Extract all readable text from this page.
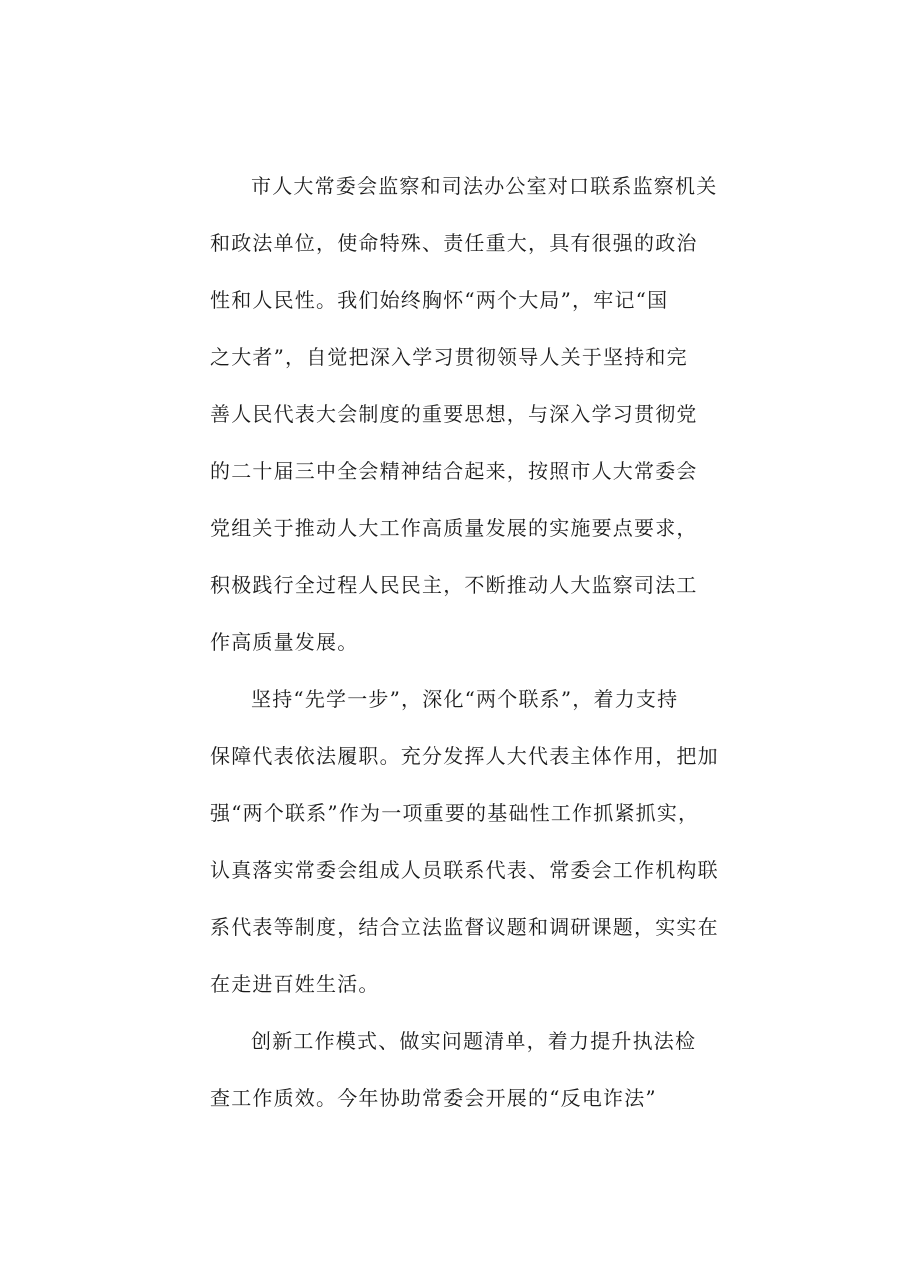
市人大常委会监察和司法办公室对口联系监察机关
和政法单位，使命特殊、责任重大，具有很强的政治
性和人民性。我们始终胸怀“两个大局”，牢记“国
之大者”，自觉把深入学习贯彻领导人关于坚持和完
善人民代表大会制度的重要思想，与深入学习贯彻党
的二十届三中全会精神结合起来，按照市人大常委会
党组关于推动人大工作高质量发展的实施要点要求，
积极践行全过程人民民主，不断推动人大监察司法工
作高质量发展。
坚持“先学一步”，深化“两个联系”，着力支持
保障代表依法履职。充分发挥人大代表主体作用，把加
强“两个联系”作为一项重要的基础性工作抓紧抓实，
认真落实常委会组成人员联系代表、常委会工作机构联
系代表等制度，结合立法监督议题和调研课题，实实在
在走进百姓生活。
创新工作模式、做实问题清单，着力提升执法检
查工作质效。今年协助常委会开展的“反电诈法”
